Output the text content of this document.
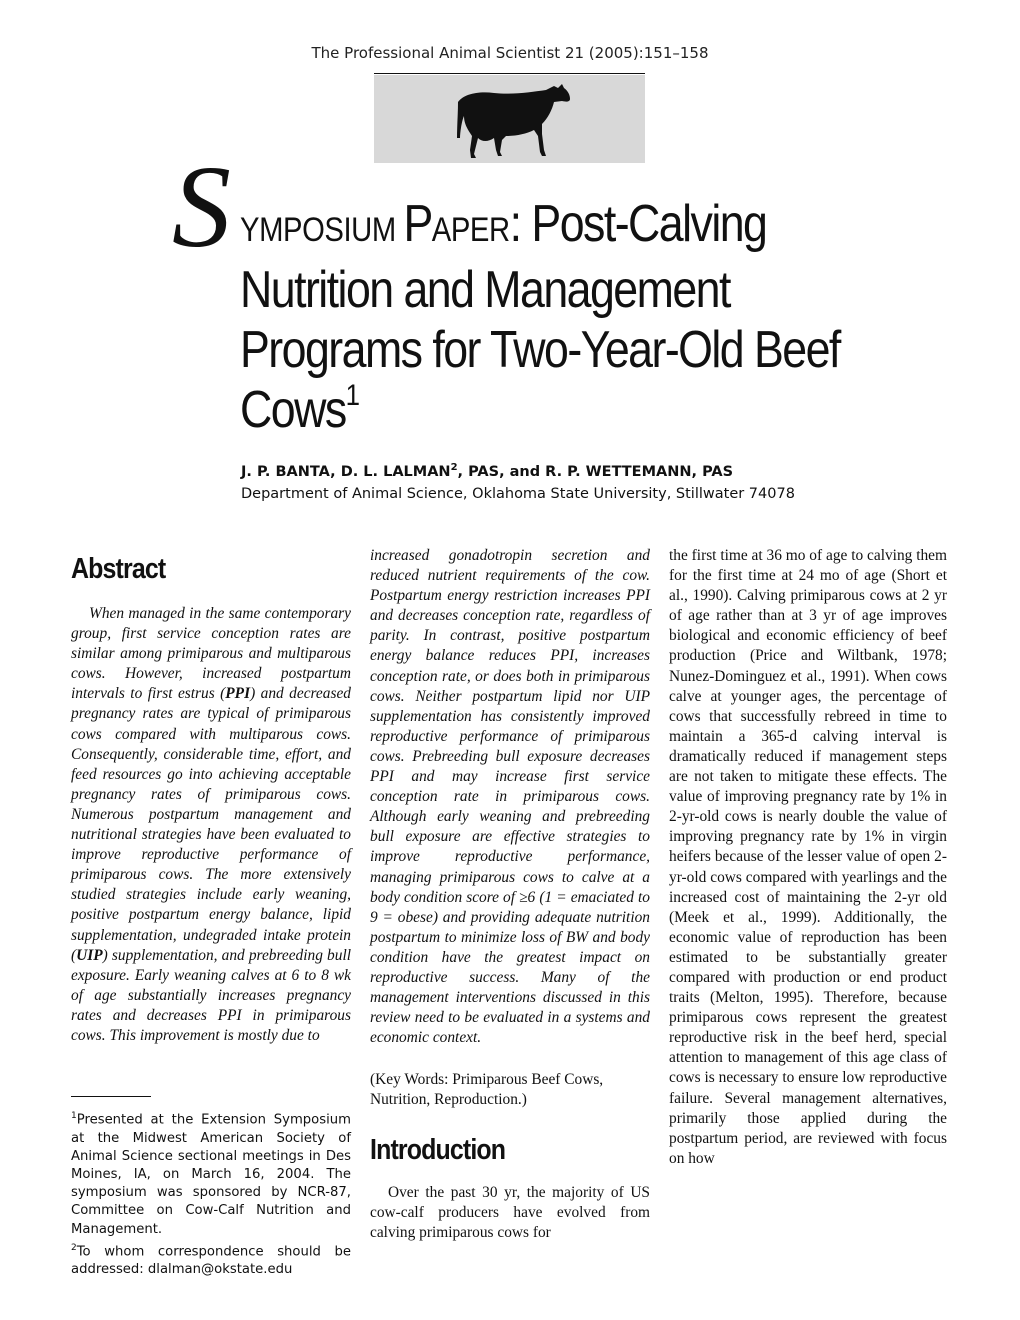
The Professional Animal Scientist 21 (2005):151–158
S YMPOSIUM PAPER: Post-Calving Nutrition and Management Programs for Two-Year-Old Beef Cows$^1$
J. P. BANTA, D. L. LALMAN$^2$, PAS, and R. P. WETTEMANN, PAS
Department of Animal Science, Oklahoma State University, Stillwater 74078
Abstract

When managed in the same contemporary group, first service conception rates are similar among primiparous and multiparous cows. However, increased postpartum intervals to first estrus (PPI) and decreased pregnancy rates are typical of primiparous cows compared with multiparous cows. Consequently, considerable time, effort, and feed resources go into achieving acceptable pregnancy rates of primiparous cows. Numerous postpartum management and nutritional strategies have been evaluated to improve reproductive performance of primiparous cows. The more extensively studied strategies include early weaning, positive postpartum energy balance, lipid supplementation, undegraded intake protein (UIP) supplementation, and prebreeding bull exposure. Early weaning calves at 6 to 8 wk of age substantially increases pregnancy rates and decreases PPI in primiparous cows. This improvement is mostly due to

$^1$Presented at the Extension Symposium at the Midwest American Society of Animal Science sectional meetings in Des Moines, IA, on March 16, 2004. The symposium was sponsored by NCR-87, Committee on Cow-Calf Nutrition and Management.

$^2$To whom correspondence should be addressed: dlalman@okstate.edu

increased gonadotropin secretion and reduced nutrient requirements of the cow. Postpartum energy restriction increases PPI and decreases conception rate, regardless of parity. In contrast, positive postpartum energy balance reduces PPI, increases conception rate, or does both in primiparous cows. Neither postpartum lipid nor UIP supplementation has consistently improved reproductive performance of primiparous cows. Prebreeding bull exposure decreases PPI and may increase first service conception rate in primiparous cows. Although early weaning and prebreeding bull exposure are effective strategies to improve reproductive performance, managing primiparous cows to calve at a body condition score of ≥6 (1 = emaciated to 9 = obese) and providing adequate nutrition postpartum to minimize loss of BW and body condition have the greatest impact on reproductive success. Many of the management interventions discussed in this review need to be evaluated in a systems and economic context.

(Key Words: Primiparous Beef Cows, Nutrition, Reproduction.)

Introduction

Over the past 30 yr, the majority of US cow-calf producers have evolved from calving primiparous cows for

the first time at 36 mo of age to calving them for the first time at 24 mo of age (Short et al., 1990). Calving primiparous cows at 2 yr of age rather than at 3 yr of age improves biological and economic efficiency of beef production (Price and Wiltbank, 1978; Nunez-Dominguez et al., 1991). When cows calve at younger ages, the percentage of cows that successfully rebreed in time to maintain a 365-d calving interval is dramatically reduced if management steps are not taken to mitigate these effects. The value of improving pregnancy rate by 1% in 2-yr-old cows is nearly double the value of improving pregnancy rate by 1% in virgin heifers because of the lesser value of open 2-yr-old cows compared with yearlings and the increased cost of maintaining the 2-yr old (Meek et al., 1999). Additionally, the economic value of reproduction has been estimated to be substantially greater compared with production or end product traits (Melton, 1995). Therefore, because primiparous cows represent the greatest reproductive risk in the beef herd, special attention to management of this age class of cows is necessary to ensure low reproductive failure. Several management alternatives, primarily those applied during the postpartum period, are reviewed with focus on how
